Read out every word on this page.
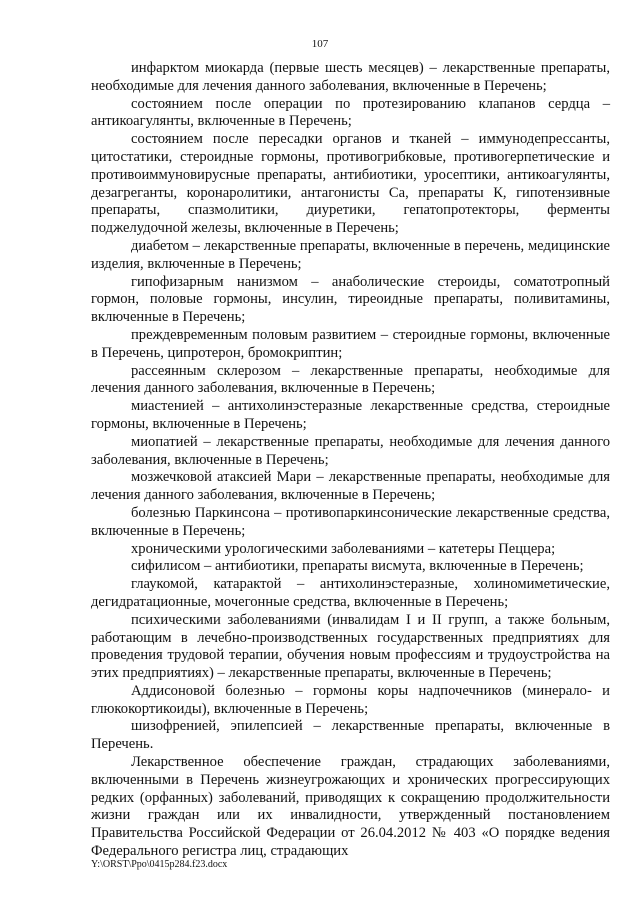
107

инфарктом миокарда (первые шесть месяцев) – лекарственные препараты, необходимые для лечения данного заболевания, включенные в Перечень;

состоянием после операции по протезированию клапанов сердца – антикоагулянты, включенные в Перечень;

состоянием после пересадки органов и тканей – иммунодепрессанты, цитостатики, стероидные гормоны, противогрибковые, противогерпетические и противоиммуновирусные препараты, антибиотики, уросептики, антикоагулянты, дезагреганты, коронаролитики, антагонисты Са, препараты К, гипотензивные препараты, спазмолитики, диуретики, гепатопротекторы, ферменты поджелудочной железы, включенные в Перечень;

диабетом – лекарственные препараты, включенные в перечень, медицинские изделия, включенные в Перечень;

гипофизарным нанизмом – анаболические стероиды, соматотропный гормон, половые гормоны, инсулин, тиреоидные препараты, поливитамины, включенные в Перечень;

преждевременным половым развитием – стероидные гормоны, включенные в Перечень, ципротерон, бромокриптин;

рассеянным склерозом – лекарственные препараты, необходимые для лечения данного заболевания, включенные в Перечень;

миастенией – антихолинэстеразные лекарственные средства, стероидные гормоны, включенные в Перечень;

миопатией – лекарственные препараты, необходимые для лечения данного заболевания, включенные в Перечень;

мозжечковой атаксией Мари – лекарственные препараты, необходимые для лечения данного заболевания, включенные в Перечень;

болезнью Паркинсона – противопаркинсонические лекарственные средства, включенные в Перечень;

хроническими урологическими заболеваниями – катетеры Пеццера;

сифилисом – антибиотики, препараты висмута, включенные в Перечень;

глаукомой, катарактой – антихолинэстеразные, холиномиметические, дегидратационные, мочегонные средства, включенные в Перечень;

психическими заболеваниями (инвалидам I и II групп, а также больным, работающим в лечебно-производственных государственных предприятиях для проведения трудовой терапии, обучения новым профессиям и трудоустройства на этих предприятиях) – лекарственные препараты, включенные в Перечень;

Аддисоновой болезнью – гормоны коры надпочечников (минерало- и глюкокортикоиды), включенные в Перечень;

шизофренией, эпилепсией – лекарственные препараты, включенные в Перечень.

Лекарственное обеспечение граждан, страдающих заболеваниями, включенными в Перечень жизнеугрожающих и хронических прогрессирующих редких (орфанных) заболеваний, приводящих к сокращению продолжительности жизни граждан или их инвалидности, утвержденный постановлением Правительства Российской Федерации от 26.04.2012 № 403 «О порядке ведения Федерального регистра лиц, страдающих

Y:\ORST\Ppo\0415p284.f23.docx
